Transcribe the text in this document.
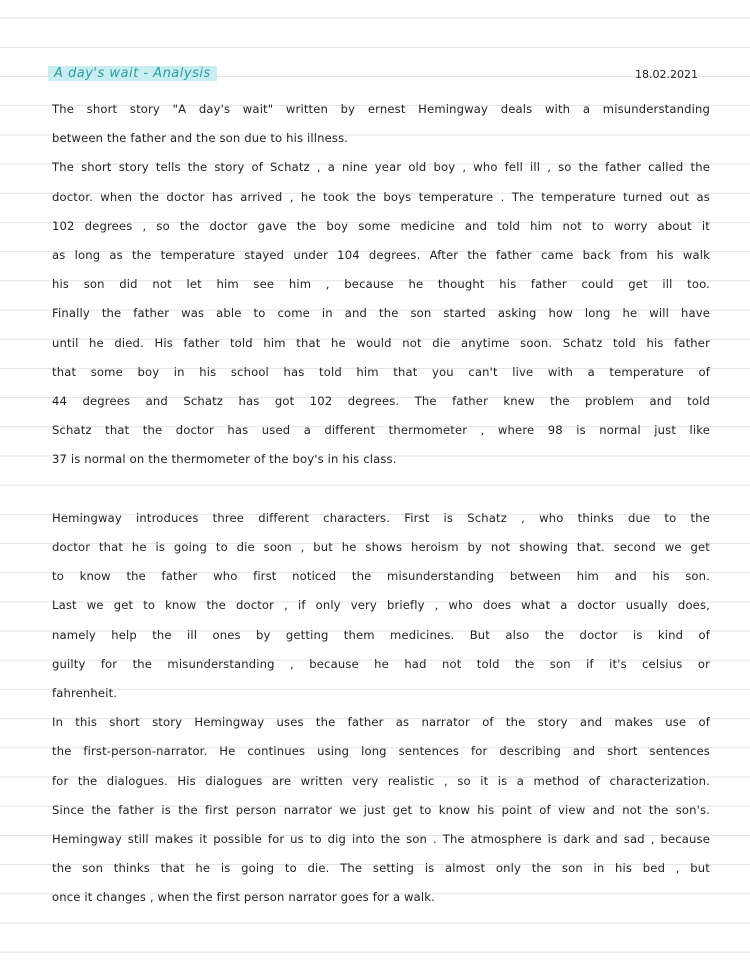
A day's wait - Analysis	18.02.2021
The short story "A day's wait" written by ernest Hemingway deals with a misunderstanding
between the father and the son due to his illness.
The short story tells the story of Schatz , a nine year old boy , who fell ill , so the father called the
doctor. when the doctor has arrived , he took the boys temperature . The temperature turned out as
102 degrees , so the doctor gave the boy some medicine and told him not to worry about it
as long as the temperature stayed under 104 degrees. After the father came back from his walk
his son did not let him see him , because he thought his father could get ill too.
Finally the father was able to come in and the son started asking how long he will have
until he died. His father told him that he would not die anytime soon. Schatz told his father
that some boy in his school has told him that you can't live with a temperature of
44 degrees and Schatz has got 102 degrees. The father knew the problem and told
Schatz that the doctor has used a different thermometer , where 98 is normal just like
37 is normal on the thermometer of the boy's in his class.
Hemingway introduces three different characters. First is Schatz , who thinks due to the
doctor that he is going to die soon , but he shows heroism by not showing that. second we get
to know the father who first noticed the misunderstanding between him and his son.
Last we get to know the doctor , if only very briefly , who does what a doctor usually does,
namely help the ill ones by getting them medicines. But also the doctor is kind of
guilty for the misunderstanding , because he had not told the son if it's celsius or
fahrenheit.
In this short story Hemingway uses the father as narrator of the story and makes use of
the first-person-narrator. He continues using long sentences for describing and short sentences
for the dialogues. His dialogues are written very realistic , so it is a method of characterization.
Since the father is the first person narrator we just get to know his point of view and not the son's.
Hemingway still makes it possible for us to dig into the son . The atmosphere is dark and sad , because
the son thinks that he is going to die. The setting is almost only the son in his bed , but
once it changes , when the first person narrator goes for a walk.
